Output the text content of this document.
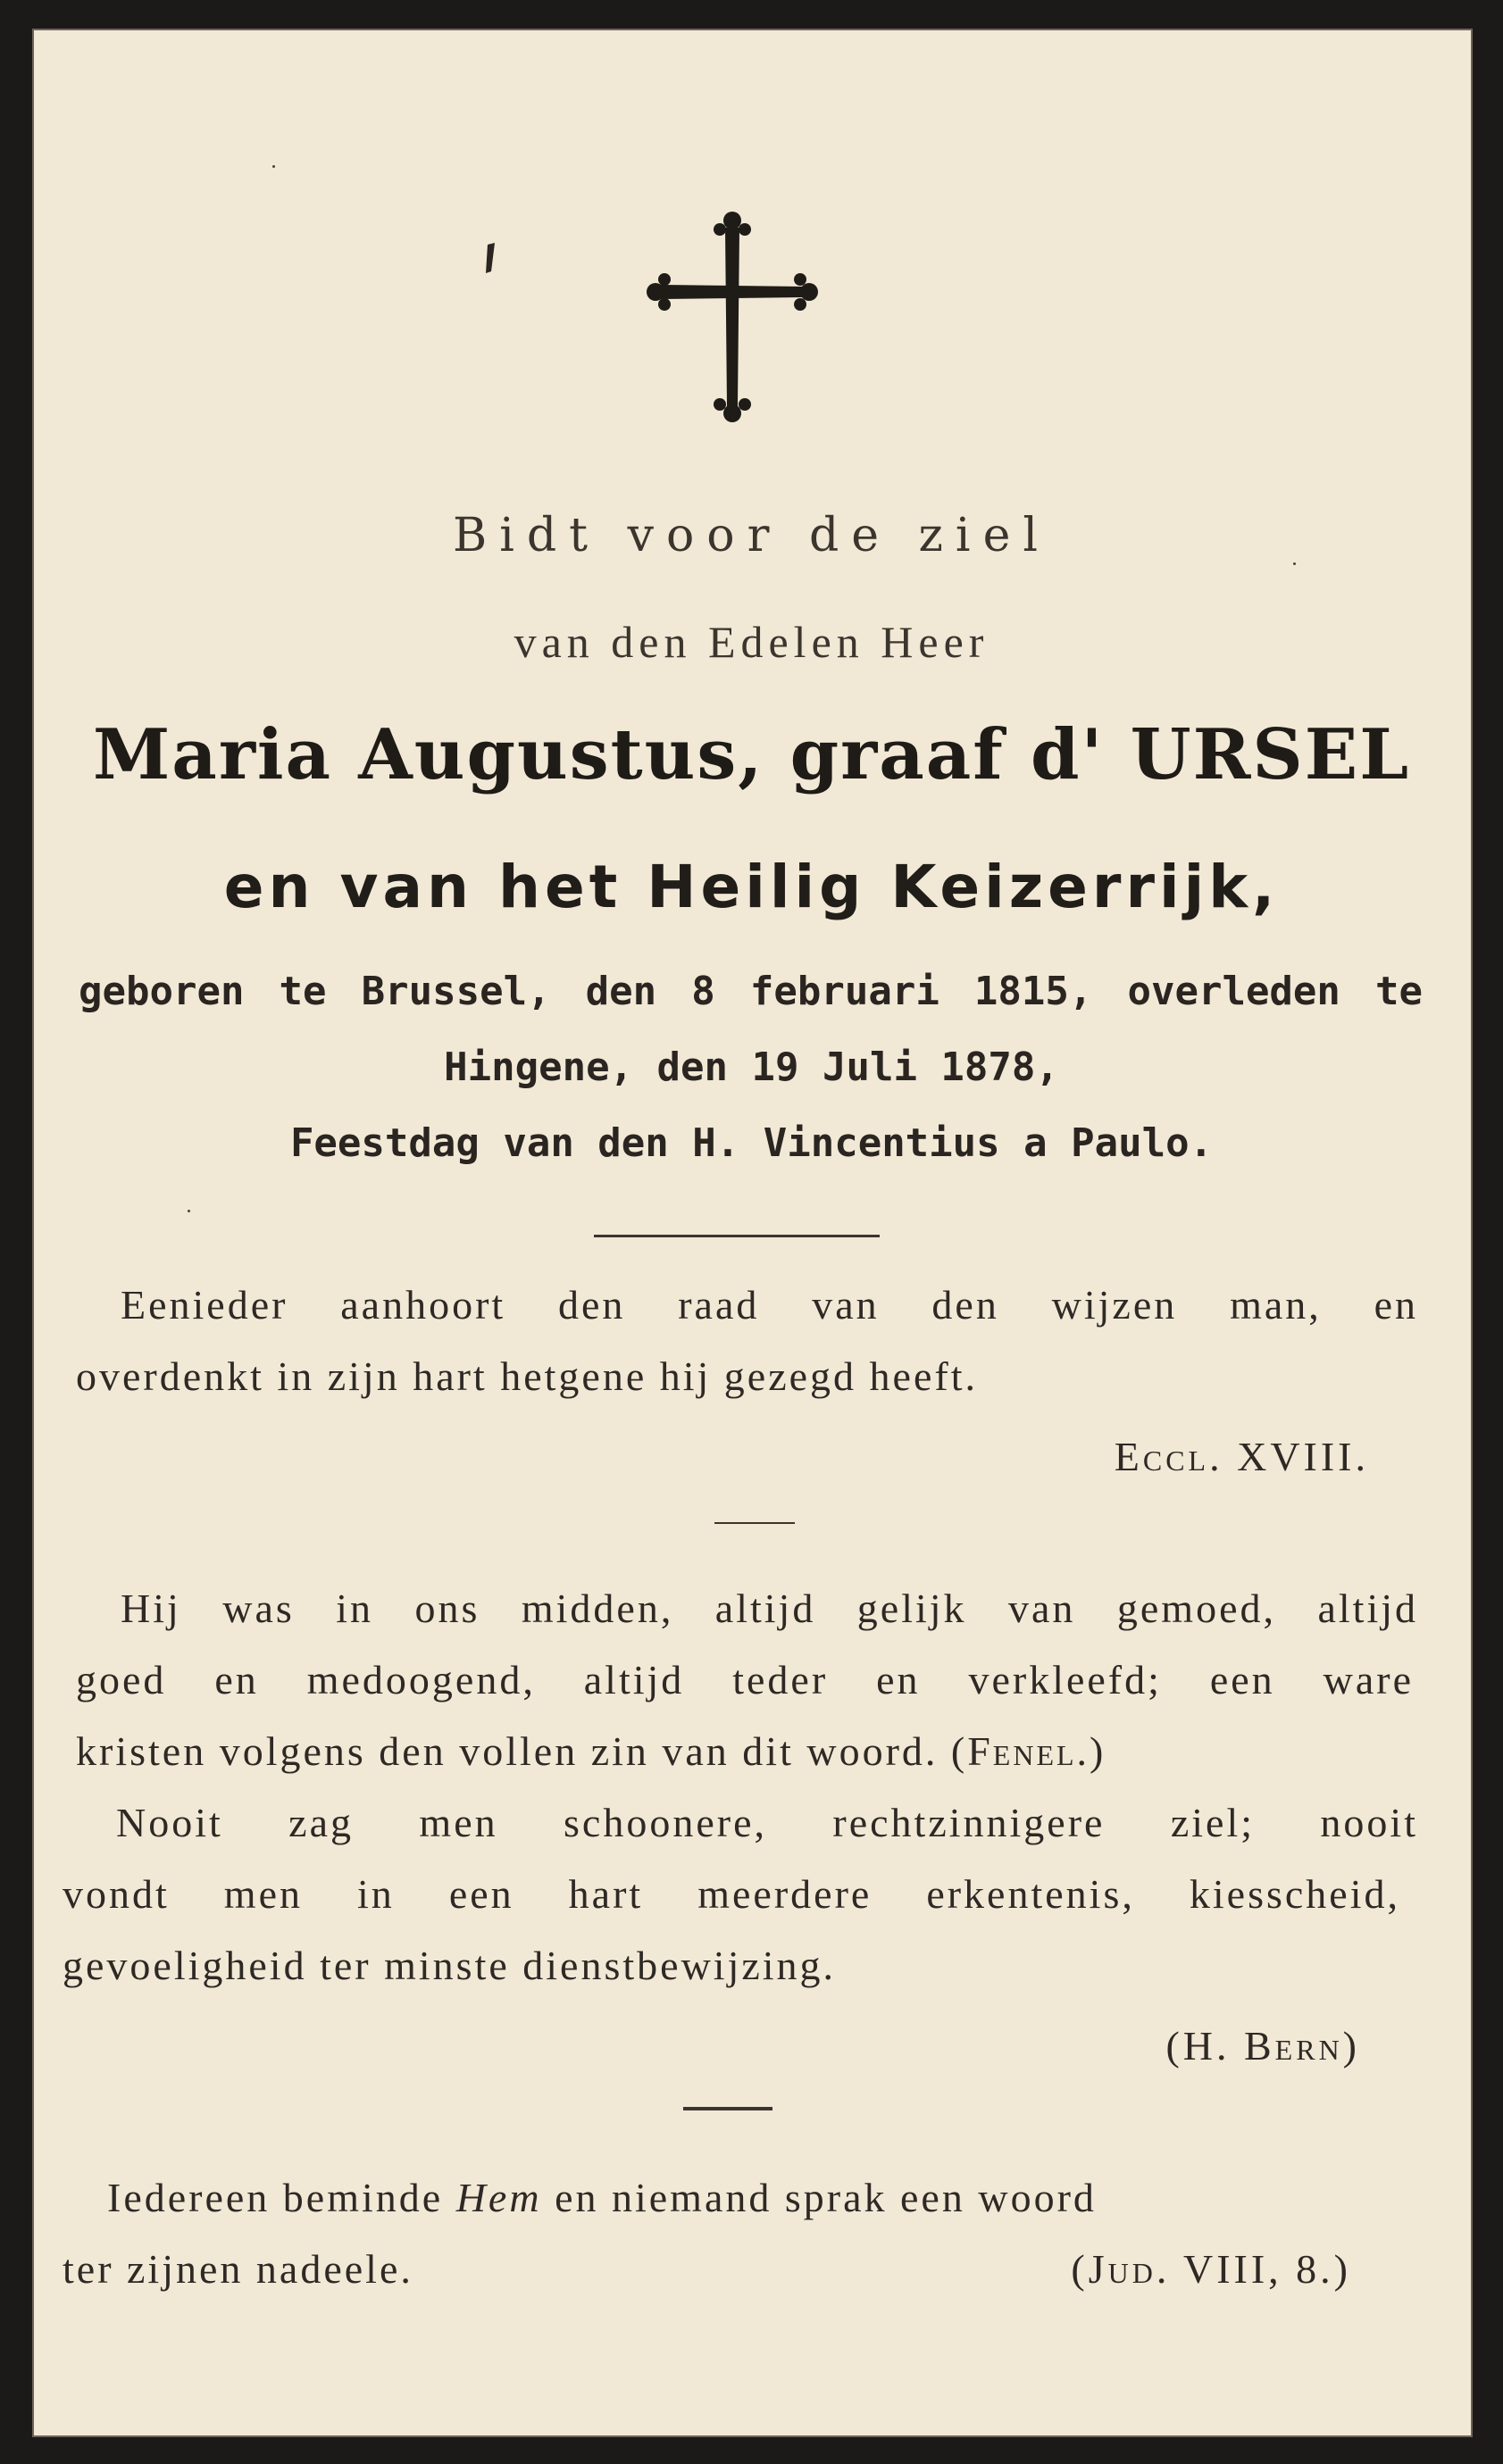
Bidt voor de ziel
van den Edelen Heer
Maria Augustus, graaf d' URSEL
en van het Heilig Keizerrijk,
geboren te Brussel, den 8 februari 1815, overleden te
Hingene, den 19 Juli 1878,
Feestdag van den H. Vincentius a Paulo.
Eenieder aanhoort den raad van den wijzen man, en
overdenkt in zijn hart hetgene hij gezegd heeft.
Eccl. XVIII.
Hij was in ons midden, altijd gelijk van gemoed, altijd
goed en medoogend, altijd teder en verkleefd; een ware
kristen volgens den vollen zin van dit woord. (Fenel.)
Nooit zag men schoonere, rechtzinnigere ziel; nooit
vondt men in een hart meerdere erkentenis, kiesscheid,
gevoeligheid ter minste dienstbewijzing.
(H. Bern)
Iedereen beminde Hem en niemand sprak een woord
ter zijnen nadeele.	(Jud. VIII, 8.)
